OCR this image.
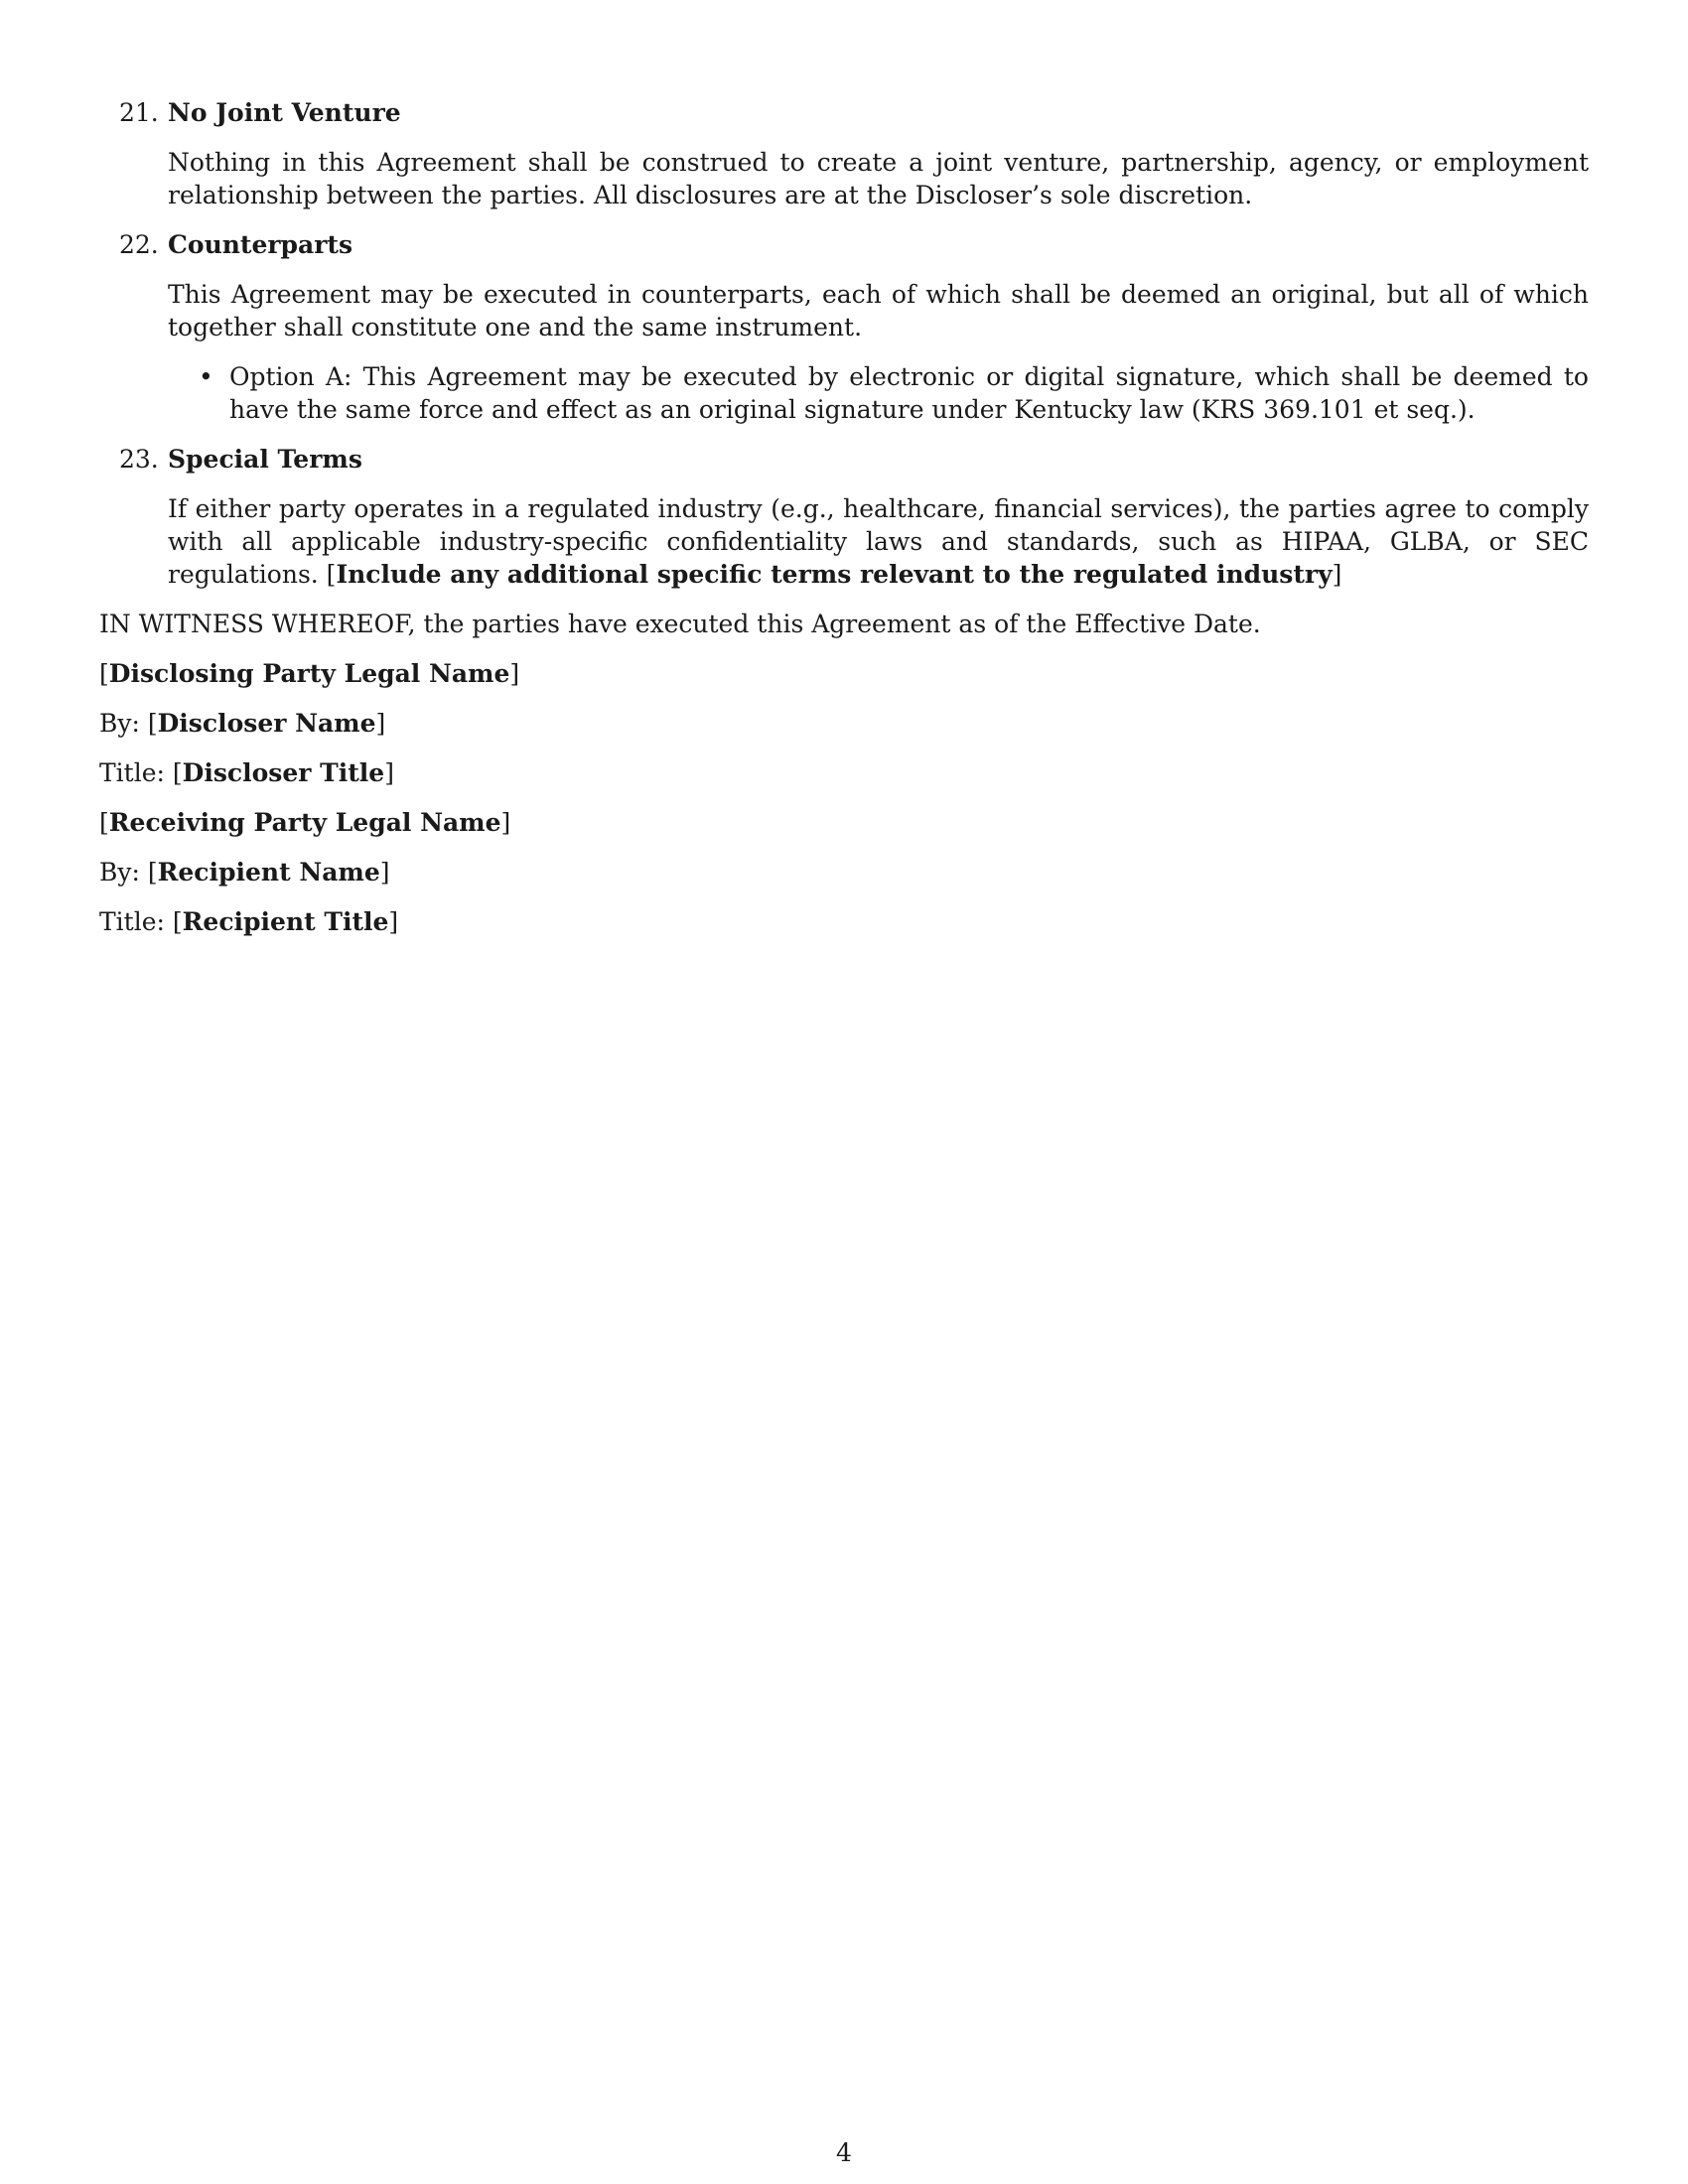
21. No Joint Venture

Nothing in this Agreement shall be construed to create a joint venture, partnership, agency, or employment relationship between the parties. All disclosures are at the Discloser’s sole discretion.

22. Counterparts

This Agreement may be executed in counterparts, each of which shall be deemed an original, but all of which together shall constitute one and the same instrument.

• Option A: This Agreement may be executed by electronic or digital signature, which shall be deemed to have the same force and effect as an original signature under Kentucky law (KRS 369.101 et seq.).
23. Special Terms

If either party operates in a regulated industry (e.g., healthcare, financial services), the parties agree to comply with all applicable industry-specific confidentiality laws and standards, such as HIPAA, GLBA, or SEC regulations. [Include any additional specific terms relevant to the regulated industry]

IN WITNESS WHEREOF, the parties have executed this Agreement as of the Effective Date.

[Disclosing Party Legal Name]

By: [Discloser Name]

Title: [Discloser Title]

[Receiving Party Legal Name]

By: [Recipient Name]

Title: [Recipient Title]

4
